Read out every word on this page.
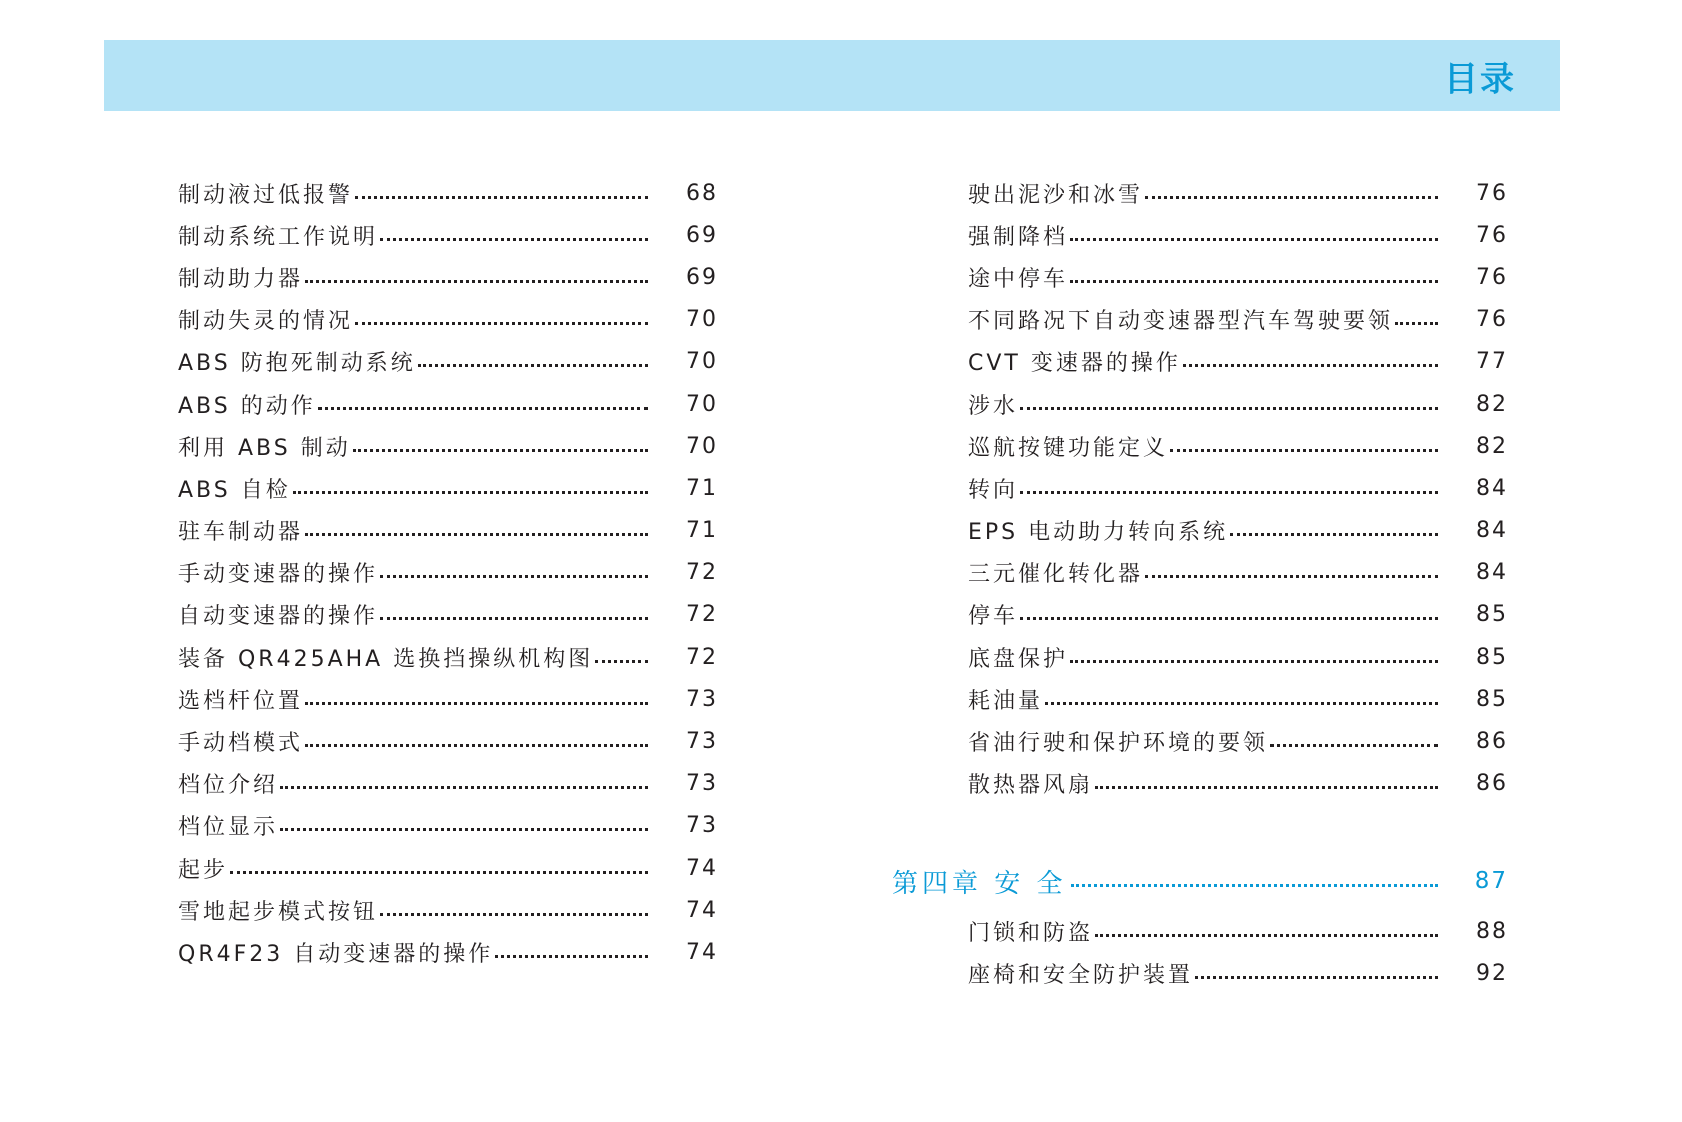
目录
制动液过低报警	68
制动系统工作说明	69
制动助力器	69
制动失灵的情况	70
ABS 防抱死制动系统	70
ABS 的动作	70
利用 ABS 制动	70
ABS 自检	71
驻车制动器	71
手动变速器的操作	72
自动变速器的操作	72
装备 QR425AHA 选换挡操纵机构图	72
选档杆位置	73
手动档模式	73
档位介绍	73
档位显示	73
起步	74
雪地起步模式按钮	74
QR4F23 自动变速器的操作	74
驶出泥沙和冰雪	76
强制降档	76
途中停车	76
不同路况下自动变速器型汽车驾驶要领	76
CVT 变速器的操作	77
涉水	82
巡航按键功能定义	82
转向	84
EPS 电动助力转向系统	84
三元催化转化器	84
停车	85
底盘保护	85
耗油量	85
省油行驶和保护环境的要领	86
散热器风扇	86
第四章 安 全	87
门锁和防盗	88
座椅和安全防护装置	92
